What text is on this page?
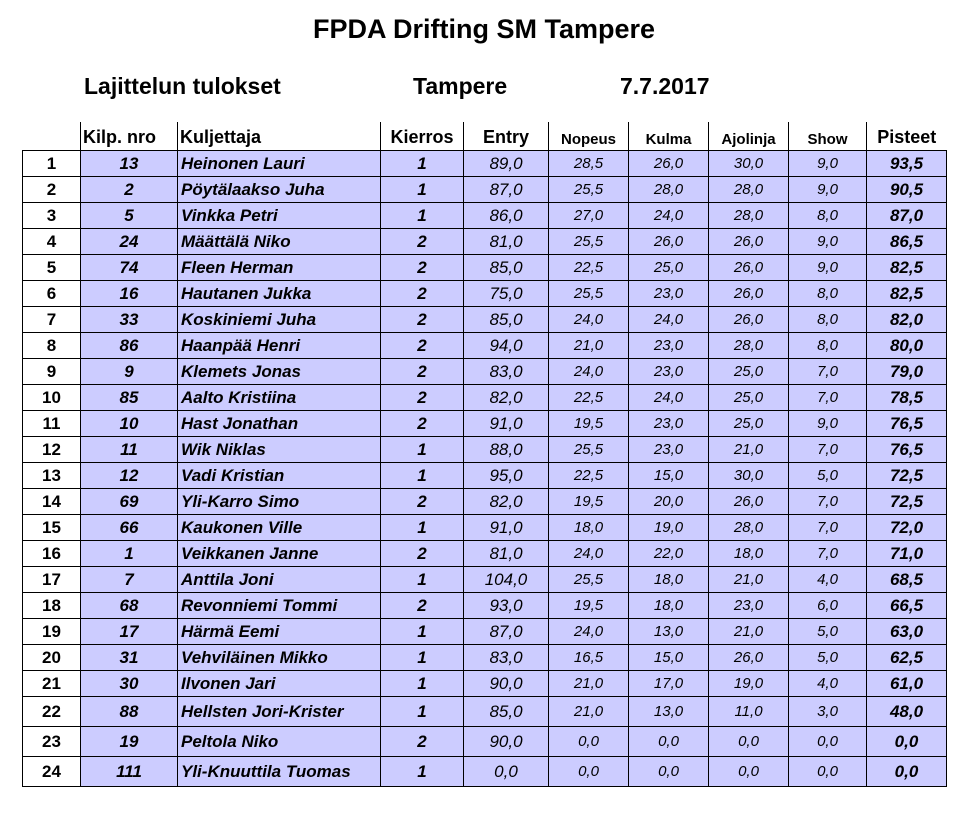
FPDA Drifting SM Tampere
Lajittelun tulokset	Tampere	7.7.2017
	Kilp. nro	Kuljettaja	Kierros	Entry	Nopeus	Kulma	Ajolinja	Show	Pisteet
1	13	Heinonen Lauri	1	89,0	28,5	26,0	30,0	9,0	93,5
2	2	Pöytälaakso Juha	1	87,0	25,5	28,0	28,0	9,0	90,5
3	5	Vinkka Petri	1	86,0	27,0	24,0	28,0	8,0	87,0
4	24	Määttälä Niko	2	81,0	25,5	26,0	26,0	9,0	86,5
5	74	Fleen Herman	2	85,0	22,5	25,0	26,0	9,0	82,5
6	16	Hautanen Jukka	2	75,0	25,5	23,0	26,0	8,0	82,5
7	33	Koskiniemi Juha	2	85,0	24,0	24,0	26,0	8,0	82,0
8	86	Haanpää Henri	2	94,0	21,0	23,0	28,0	8,0	80,0
9	9	Klemets Jonas	2	83,0	24,0	23,0	25,0	7,0	79,0
10	85	Aalto Kristiina	2	82,0	22,5	24,0	25,0	7,0	78,5
11	10	Hast Jonathan	2	91,0	19,5	23,0	25,0	9,0	76,5
12	11	Wik Niklas	1	88,0	25,5	23,0	21,0	7,0	76,5
13	12	Vadi Kristian	1	95,0	22,5	15,0	30,0	5,0	72,5
14	69	Yli-Karro Simo	2	82,0	19,5	20,0	26,0	7,0	72,5
15	66	Kaukonen Ville	1	91,0	18,0	19,0	28,0	7,0	72,0
16	1	Veikkanen Janne	2	81,0	24,0	22,0	18,0	7,0	71,0
17	7	Anttila Joni	1	104,0	25,5	18,0	21,0	4,0	68,5
18	68	Revonniemi Tommi	2	93,0	19,5	18,0	23,0	6,0	66,5
19	17	Härmä Eemi	1	87,0	24,0	13,0	21,0	5,0	63,0
20	31	Vehviläinen Mikko	1	83,0	16,5	15,0	26,0	5,0	62,5
21	30	Ilvonen Jari	1	90,0	21,0	17,0	19,0	4,0	61,0
22	88	Hellsten Jori-Krister	1	85,0	21,0	13,0	11,0	3,0	48,0
23	19	Peltola Niko	2	90,0	0,0	0,0	0,0	0,0	0,0
24	111	Yli-Knuuttila Tuomas	1	0,0	0,0	0,0	0,0	0,0	0,0
